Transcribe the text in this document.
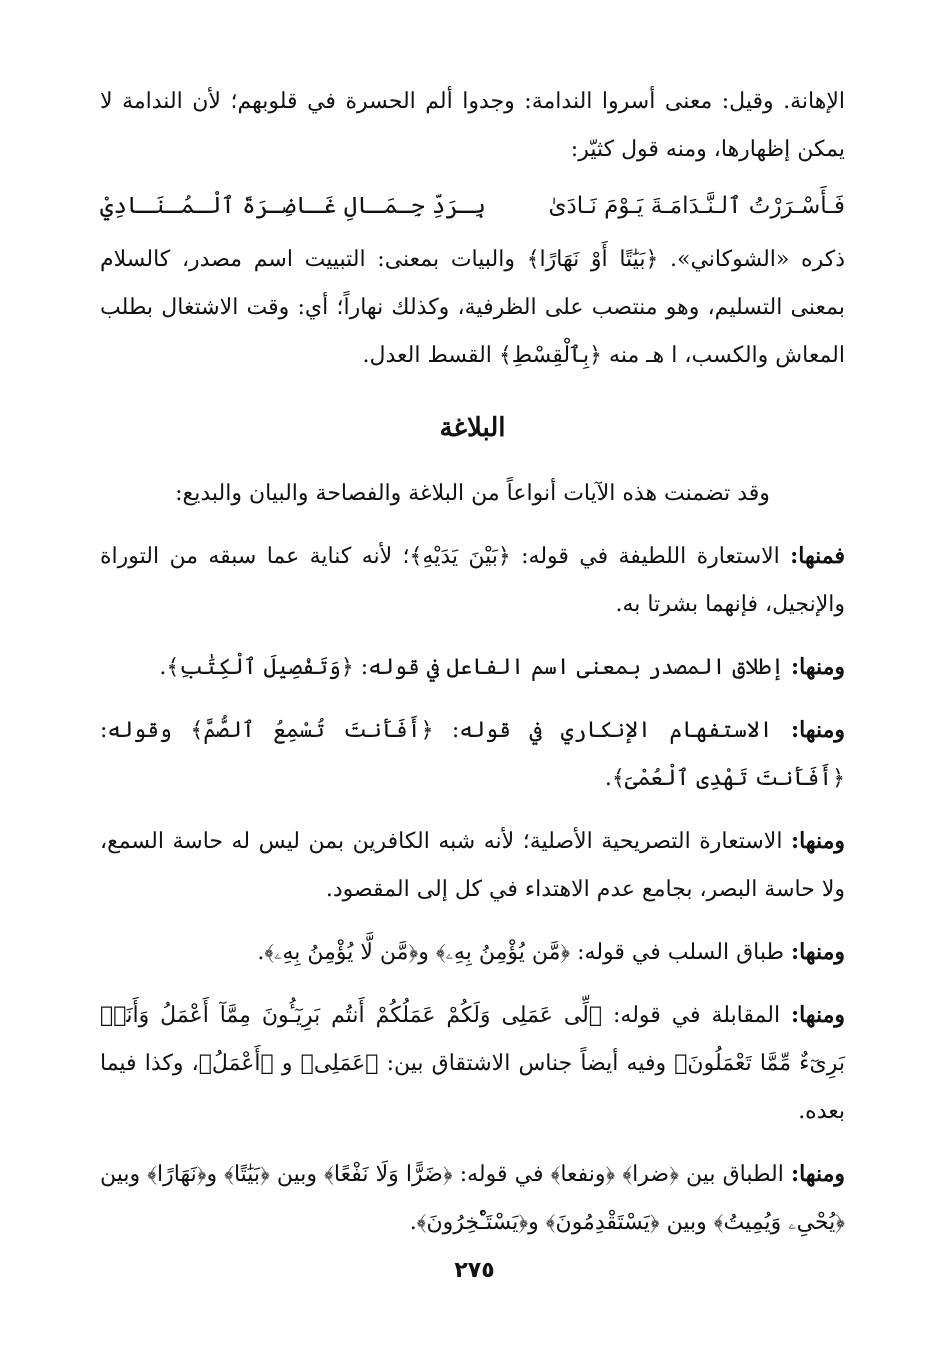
الإهانة. وقيل: معنى أسروا الندامة: وجدوا ألم الحسرة في قلوبهم؛ لأن الندامة لا يمكن إظهارها، ومنه قول كثيّر:

فَـأَسْـرَرْتُ ٱلـنَّـدَامَـةَ يَـوْمَ نَـادَىٰ
بِـرَدِّ جِـمَـالِ غَـاضِـرَةَ ٱلْـمُـنَـادِيْ

ذكره «الشوكاني». ﴿بَيَٰتًا أَوْ نَهَارًا﴾ والبيات بمعنى: التبييت اسم مصدر، كالسلام بمعنى التسليم، وهو منتصب على الظرفية، وكذلك نهاراً؛ أي: وقت الاشتغال بطلب المعاش والكسب، ا هـ منه ﴿بِٱلْقِسْطِ﴾ القسط العدل.

البلاغة

وقد تضمنت هذه الآيات أنواعاً من البلاغة والفصاحة والبيان والبديع:

فمنها: الاستعارة اللطيفة في قوله: ﴿بَيْنَ يَدَيْهِ﴾؛ لأنه كناية عما سبقه من التوراة والإنجيل، فإنهما بشرتا به.

ومنها: إطلاق المصدر بمعنى اسم الفاعل في قوله: ﴿وَتَفْصِيلَ ٱلْكِتَٰبِ﴾.

ومنها: الاستفهام الإنكاري في قوله: ﴿أَفَأَنتَ تُسْمِعُ ٱلصُّمَّ﴾ وقوله: ﴿أَفَأَنتَ تَهْدِى ٱلْعُمْىَ﴾.

ومنها: الاستعارة التصريحية الأصلية؛ لأنه شبه الكافرين بمن ليس له حاسة السمع، ولا حاسة البصر، بجامع عدم الاهتداء في كل إلى المقصود.

ومنها: طباق السلب في قوله: ﴿مَّن يُؤْمِنُ بِهِۦ﴾ و﴿مَّن لَّا يُؤْمِنُ بِهِۦ﴾.

ومنها: المقابلة في قوله: ﴿لِّى عَمَلِى وَلَكُمْ عَمَلُكُمْ أَنتُم بَرِيٓـُٔونَ مِمَّآ أَعْمَلُ وَأَنَا۠ بَرِىٓءٌ مِّمَّا تَعْمَلُونَ﴾ وفيه أيضاً جناس الاشتقاق بين: ﴿عَمَلِى﴾ و ﴿أَعْمَلُ﴾، وكذا فيما بعده.

ومنها: الطباق بين ﴿ضرا﴾ ﴿ونفعا﴾ في قوله: ﴿ضَرًّا وَلَا نَفْعًا﴾ وبين ﴿بَيَٰتًا﴾ و﴿نَهَارًا﴾ وبين ﴿يُحْىِۦ وَيُمِيتُ﴾ وبين ﴿يَسْتَقْدِمُونَ﴾ و﴿يَسْتَـْٔخِرُونَ﴾.

٢٧٥
